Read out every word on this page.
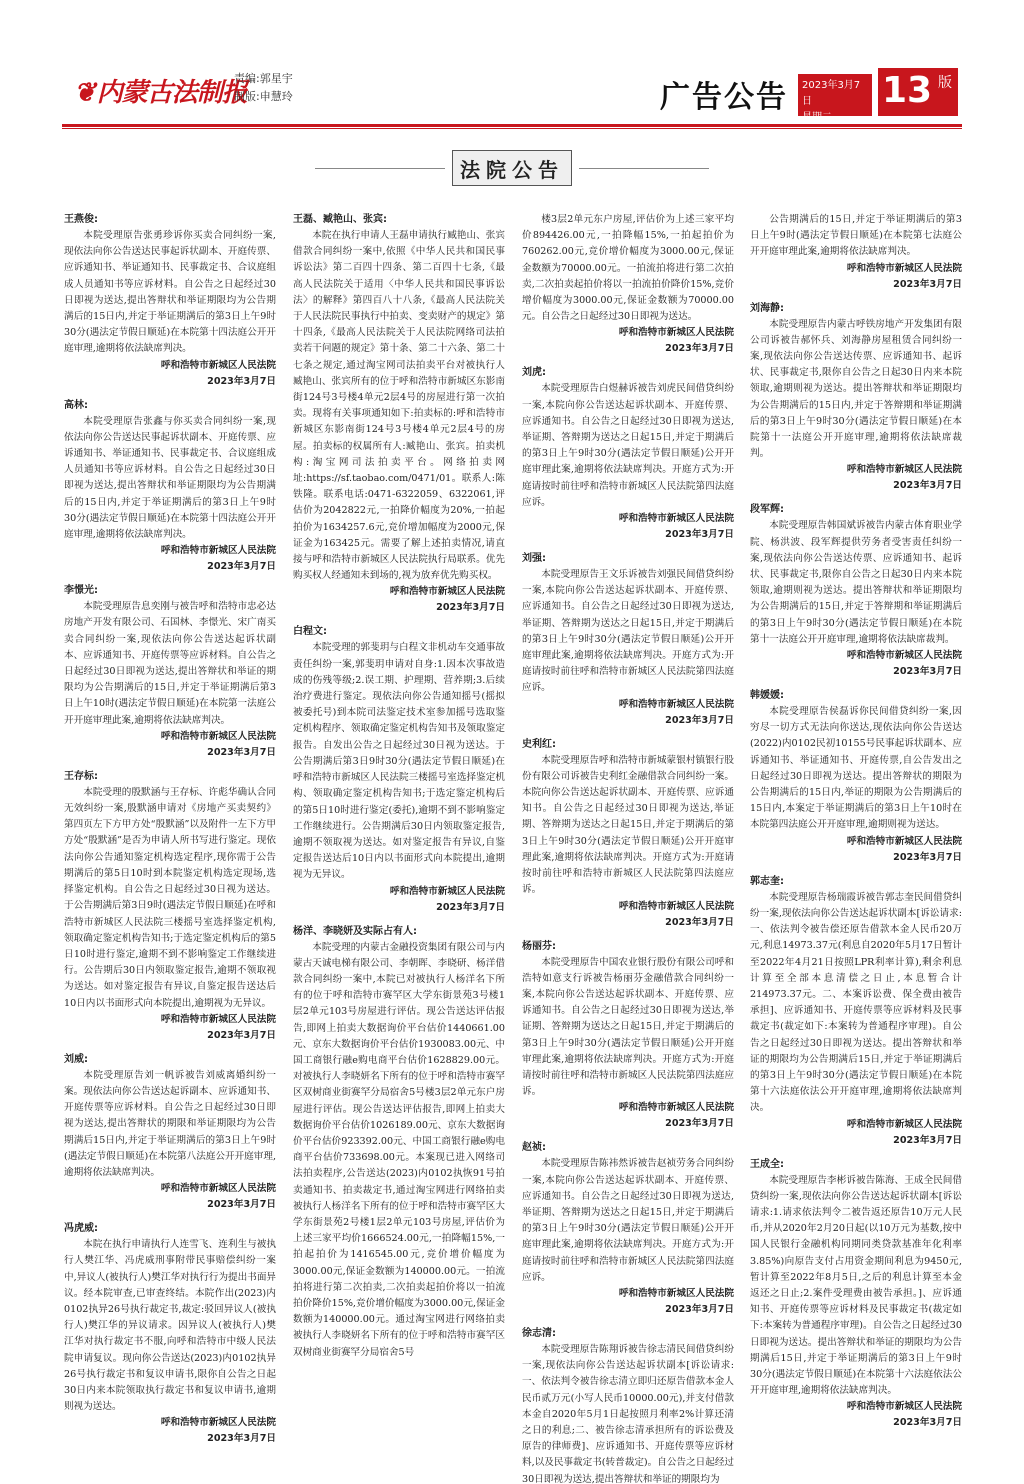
❦内蒙古法制报
责编:郭星宇
制版:申慧玲	广告公告 2023年3月7日
星期二
13 版
法院公告
王燕俊:
本院受理原告张勇珍诉你买卖合同纠纷一案,现依法向你公告送达民事起诉状副本、开庭传票、应诉通知书、举证通知书、民事裁定书、合议庭组成人员通知书等应诉材料。自公告之日起经过30日即视为送达,提出答辩状和举证期限均为公告期满后的15日内,并定于举证期满后的第3日上午9时30分(遇法定节假日顺延)在本院第十四法庭公开开庭审理,逾期将依法缺席判决。
呼和浩特市新城区人民法院
2023年3月7日
高林:
本院受理原告张鑫与你买卖合同纠纷一案,现依法向你公告送达民事起诉状副本、开庭传票、应诉通知书、举证通知书、民事裁定书、合议庭组成人员通知书等应诉材料。自公告之日起经过30日即视为送达,提出答辩状和举证期限均为公告期满后的15日内,并定于举证期满后的第3日上午9时30分(遇法定节假日顺延)在本院第十四法庭公开开庭审理,逾期将依法缺席判决。
呼和浩特市新城区人民法院
2023年3月7日
李憬光:
本院受理原告息奕刚与被告呼和浩特市忠必达房地产开发有限公司、石国林、李憬光、宋广南买卖合同纠纷一案,现依法向你公告送达起诉状副本、应诉通知书、开庭传票等应诉材料。自公告之日起经过30日即视为送达,提出答辩状和举证的期限均为公告期满后的15日,并定于举证期满后第3日上午10时(遇法定节假日顺延)在本院第一法庭公开开庭审理此案,逾期将依法缺席判决。
呼和浩特市新城区人民法院
2023年3月7日
王存标:
本院受理的殷默涵与王存标、许彪华确认合同无效纠纷一案,殷默涵申请对《房地产买卖契约》第四页左下方甲方处“殷默涵”以及附件一左下方甲方处“殷默涵”是否为申请人所书写进行鉴定。现依法向你公告通知鉴定机构选定程序,现你需于公告期满后的第5日10时到本院鉴定机构选定现场,选择鉴定机构。自公告之日起经过30日视为送达。于公告期满后第3日9时(遇法定节假日顺延)在呼和浩特市新城区人民法院三楼摇号室选择鉴定机构,领取确定鉴定机构告知书;于选定鉴定机构后的第5日10时进行鉴定,逾期不到不影响鉴定工作继续进行。公告期后30日内领取鉴定报告,逾期不领取视为送达。如对鉴定报告有异议,自鉴定报告送达后10日内以书面形式向本院提出,逾期视为无异议。
呼和浩特市新城区人民法院
2023年3月7日
刘威:
本院受理原告刘一帆诉被告刘威离婚纠纷一案。现依法向你公告送达起诉副本、应诉通知书、开庭传票等应诉材料。自公告之日起经过30日即视为送达,提出答辩状的期限和举证期限均为公告期满后15日内,并定于举证期满后的第3日上午9时(遇法定节假日顺延)在本院第八法庭公开开庭审理,逾期将依法缺席判决。
呼和浩特市新城区人民法院
2023年3月7日
冯虎威:
本院在执行申请执行人连雪飞、连利生与被执行人樊江华、冯虎威刑事附带民事赔偿纠纷一案中,异议人(被执行人)樊江华对执行行为提出书面异议。经本院审查,已审查终结。本院作出(2023)内0102执异26号执行裁定书,裁定:驳回异议人(被执行人)樊江华的异议请求。因异议人(被执行人)樊江华对执行裁定书不服,向呼和浩特市中级人民法院申请复议。现向你公告送达(2023)内0102执异26号执行裁定书和复议申请书,限你自公告之日起30日内来本院领取执行裁定书和复议申请书,逾期则视为送达。
呼和浩特市新城区人民法院
2023年3月7日
王磊、臧艳山、张宾:
本院在执行申请人王磊申请执行臧艳山、张宾借款合同纠纷一案中,依照《中华人民共和国民事诉讼法》第二百四十四条、第二百四十七条,《最高人民法院关于适用〈中华人民共和国民事诉讼法〉的解释》第四百八十八条,《最高人民法院关于人民法院民事执行中拍卖、变卖财产的规定》第十四条,《最高人民法院关于人民法院网络司法拍卖若干问题的规定》第十条、第二十六条、第二十七条之规定,通过淘宝网司法拍卖平台对被执行人臧艳山、张宾所有的位于呼和浩特市新城区东影南街124号3号楼4单元2层4号的房屋进行第一次拍卖。现将有关事项通知如下:拍卖标的:呼和浩特市新城区东影南街124号3号楼4单元2层4号的房屋。拍卖标的权属所有人:臧艳山、张宾。拍卖机构:淘宝网司法拍卖平台。网络拍卖网址:https://sf.taobao.com/0471/01。联系人:陈铁隆。联系电话:0471-6322059、6322061,评估价为2042822元,一拍降价幅度为20%,一拍起拍价为1634257.6元,竞价增加幅度为2000元,保证金为163425元。需要了解上述拍卖情况,请直接与呼和浩特市新城区人民法院执行局联系。优先购买权人经通知未到场的,视为放弃优先购买权。
呼和浩特市新城区人民法院
2023年3月7日
白程文:
本院受理的郭斐玥与白程文非机动车交通事故责任纠纷一案,郭斐玥申请对自身:1.因本次事故造成的伤残等级;2.误工期、护理期、营养期;3.后续治疗费进行鉴定。现依法向你公告通知摇号(摇拟被委托号)到本院司法鉴定技术室参加摇号选取鉴定机构程序、领取确定鉴定机构告知书及领取鉴定报告。自发出公告之日起经过30日视为送达。于公告期满后第3日9时30分(遇法定节假日顺延)在呼和浩特市新城区人民法院三楼摇号室选择鉴定机构、领取确定鉴定机构告知书;于选定鉴定机构后的第5日10时进行鉴定(委托),逾期不到不影响鉴定工作继续进行。公告期满后30日内领取鉴定报告,逾期不领取视为送达。如对鉴定报告有异议,自鉴定报告送达后10日内以书面形式向本院提出,逾期视为无异议。
呼和浩特市新城区人民法院
2023年3月7日
杨洋、李晓妍及实际占有人:
本院受理的内蒙古金融投资集团有限公司与内蒙古天诚电梯有限公司、李朝晖、李晓研、杨洋借款合同纠纷一案中,本院已对被执行人杨洋名下所有的位于呼和浩特市赛罕区大学东街景苑3号楼1层2单元103号房屋进行评估。现公告送达评估报告,即网上拍卖大数据询价平台估价1440661.00元、京东大数据询价平台估价1930083.00元、中国工商银行融e购电商平台估价1628829.00元。对被执行人李晓妍名下所有的位于呼和浩特市赛罕区双树商业街赛罕分局宿舍5号楼3层2单元东户房屋进行评估。现公告送达评估报告,即网上拍卖大数据询价平台估价1026189.00元、京东大数据询价平台估价923392.00元、中国工商银行融e购电商平台估价733698.00元。本案现已进入网络司法拍卖程序,公告送达(2023)内0102执恢91号拍卖通知书、拍卖裁定书,通过淘宝网进行网络拍卖被执行人杨洋名下所有的位于呼和浩特市赛罕区大学东街景苑2号楼1层2单元103号房屋,评估价为上述三家平均价1666524.00元,一拍降幅15%,一拍起拍价为1416545.00元,竞价增价幅度为3000.00元,保证金数额为140000.00元。一拍流拍将进行第二次拍卖,二次拍卖起拍价将以一拍流拍价降价15%,竞价增价幅度为3000.00元,保证金数额为140000.00元。通过淘宝网进行网络拍卖被执行人李晓妍名下所有的位于呼和浩特市赛罕区双树商业街赛罕分局宿舍5号
楼3层2单元东户房屋,评估价为上述三家平均价894426.00元,一拍降幅15%,一拍起拍价为760262.00元,竞价增价幅度为3000.00元,保证金数额为70000.00元。一拍流拍将进行第二次拍卖,二次拍卖起拍价将以一拍流拍价降价15%,竞价增价幅度为3000.00元,保证金数额为70000.00元。自公告之日起经过30日即视为送达。
呼和浩特市新城区人民法院
2023年3月7日
刘虎:
本院受理原告白煜赫诉被告刘虎民间借贷纠纷一案,本院向你公告送达起诉状副本、开庭传票、应诉通知书。自公告之日起经过30日即视为送达,举证期、答辩期为送达之日起15日,并定于期满后的第3日上午9时30分(遇法定节假日顺延)公开开庭审理此案,逾期将依法缺席判决。开庭方式为:开庭请按时前往呼和浩特市新城区人民法院第四法庭应诉。
呼和浩特市新城区人民法院
2023年3月7日
刘强:
本院受理原告王文乐诉被告刘强民间借贷纠纷一案,本院向你公告送达起诉状副本、开庭传票、应诉通知书。自公告之日起经过30日即视为送达,举证期、答辩期为送达之日起15日,并定于期满后的第3日上午9时30分(遇法定节假日顺延)公开开庭审理此案,逾期将依法缺席判决。开庭方式为:开庭请按时前往呼和浩特市新城区人民法院第四法庭应诉。
呼和浩特市新城区人民法院
2023年3月7日
史利红:
本院受理原告呼和浩特市新城蒙银村镇银行股份有限公司诉被告史利红金融借款合同纠纷一案。本院向你公告送达起诉状副本、开庭传票、应诉通知书。自公告之日起经过30日即视为送达,举证期、答辩期为送达之日起15日,并定于期满后的第3日上午9时30分(遇法定节假日顺延)公开开庭审理此案,逾期将依法缺席判决。开庭方式为:开庭请按时前往呼和浩特市新城区人民法院第四法庭应诉。
呼和浩特市新城区人民法院
2023年3月7日
杨丽芬:
本院受理原告中国农业银行股份有限公司呼和浩特如意支行诉被告杨丽芬金融借款合同纠纷一案,本院向你公告送达起诉状副本、开庭传票、应诉通知书。自公告之日起经过30日即视为送达,举证期、答辩期为送达之日起15日,并定于期满后的第3日上午9时30分(遇法定节假日顺延)公开开庭审理此案,逾期将依法缺席判决。开庭方式为:开庭请按时前往呼和浩特市新城区人民法院第四法庭应诉。
呼和浩特市新城区人民法院
2023年3月7日
赵祯:
本院受理原告陈祎然诉被告赵祯劳务合同纠纷一案,本院向你公告送达起诉状副本、开庭传票、应诉通知书。自公告之日起经过30日即视为送达,举证期、答辩期为送达之日起15日,并定于期满后的第3日上午9时30分(遇法定节假日顺延)公开开庭审理此案,逾期将依法缺席判决。开庭方式为:开庭请按时前往呼和浩特市新城区人民法院第四法庭应诉。
呼和浩特市新城区人民法院
2023年3月7日
徐志清:
本院受理原告陈翔诉被告徐志清民间借贷纠纷一案,现依法向你公告送达起诉状副本[诉讼请求:一、依法判令被告徐志清立即归还原告借款本金人民币贰万元(小写人民币10000.00元),并支付借款本金自2020年5月1日起按照月利率2%计算还清之日的利息;二、被告徐志清承担所有的诉讼费及原告的律师费]、应诉通知书、开庭传票等应诉材料,以及民事裁定书(转普裁定)。自公告之日起经过30日即视为送达,提出答辩状和举证的期限均为
公告期满后的15日,并定于举证期满后的第3日上午9时(遇法定节假日顺延)在本院第七法庭公开开庭审理此案,逾期将依法缺席判决。
呼和浩特市新城区人民法院
2023年3月7日
刘海静:
本院受理原告内蒙古呼铁房地产开发集团有限公司诉被告郝怀兵、刘海静房屋租赁合同纠纷一案,现依法向你公告送达传票、应诉通知书、起诉状、民事裁定书,限你自公告之日起30日内来本院领取,逾期则视为送达。提出答辩状和举证期限均为公告期满后的15日内,并定于答辩期和举证期满后的第3日上午9时30分(遇法定节假日顺延)在本院第十一法庭公开开庭审理,逾期将依法缺席裁判。
呼和浩特市新城区人民法院
2023年3月7日
段军辉:
本院受理原告韩国斌诉被告内蒙古体育职业学院、杨洪波、段军辉提供劳务者受害责任纠纷一案,现依法向你公告送达传票、应诉通知书、起诉状、民事裁定书,限你自公告之日起30日内来本院领取,逾期则视为送达。提出答辩状和举证期限均为公告期满后的15日,并定于答辩期和举证期满后的第3日上午9时30分(遇法定节假日顺延)在本院第十一法庭公开开庭审理,逾期将依法缺席裁判。
呼和浩特市新城区人民法院
2023年3月7日
韩媛媛:
本院受理原告侯磊诉你民间借贷纠纷一案,因穷尽一切方式无法向你送达,现依法向你公告送达(2022)内0102民初10155号民事起诉状副本、应诉通知书、举证通知书、开庭传票,自公告发出之日起经过30日即视为送达。提出答辩状的期限为公告期满后的15日内,举证的期限为公告期满后的15日内,本案定于举证期满后的第3日上午10时在本院第四法庭公开开庭审理,逾期则视为送达。
呼和浩特市新城区人民法院
2023年3月7日
郭志奎:
本院受理原告杨瑞霞诉被告郭志奎民间借贷纠纷一案,现依法向你公告送达起诉状副本[诉讼请求:一、依法判令被告偿还原告借款本金人民币20万元,利息14973.37元(利息自2020年5月17日暂计至2022年4月21日按照LPR利率计算),剩余利息计算至全部本息清偿之日止,本息暂合计214973.37元。二、本案诉讼费、保全费由被告承担]、应诉通知书、开庭传票等应诉材料及民事裁定书(裁定如下:本案转为普通程序审理)。自公告之日起经过30日即视为送达。提出答辩状和举证的期限均为公告期满后15日,并定于举证期满后的第3日上午9时30分(遇法定节假日顺延)在本院第十六法庭依法公开开庭审理,逾期将依法缺席判决。
呼和浩特市新城区人民法院
2023年3月7日
王成全:
本院受理原告李彬诉被告陈海、王成全民间借贷纠纷一案,现依法向你公告送达起诉状副本[诉讼请求:1.请求依法判令二被告返还原告10万元人民币,并从2020年2月20日起(以10万元为基数,按中国人民银行金融机构同期同类贷款基准年化利率3.85%)向原告支付占用资金期间利息为9450元,暂计算至2022年8月5日,之后的利息计算至本金返还之日止;2.案件受理费由被告承担。]、应诉通知书、开庭传票等应诉材料及民事裁定书(裁定如下:本案转为普通程序审理)。自公告之日起经过30日即视为送达。提出答辩状和举证的期限均为公告期满后15日,并定于举证期满后的第3日上午9时30分(遇法定节假日顺延)在本院第十六法庭依法公开开庭审理,逾期将依法缺席判决。
呼和浩特市新城区人民法院
2023年3月7日
